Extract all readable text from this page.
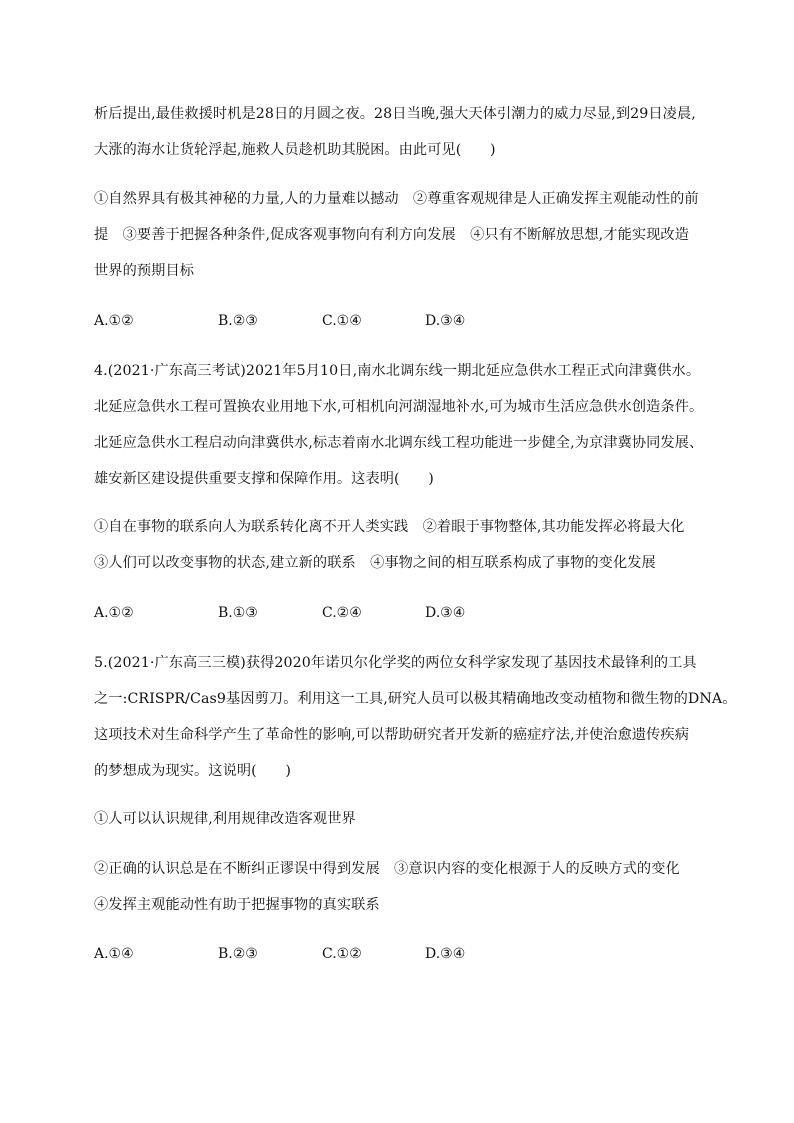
析后提出,最佳救援时机是28日的月圆之夜。28日当晚,强大天体引潮力的威力尽显,到29日凌晨,
大涨的海水让货轮浮起,施救人员趁机助其脱困。由此可见(　　)
①自然界具有极其神秘的力量,人的力量难以撼动　②尊重客观规律是人正确发挥主观能动性的前
提　③要善于把握各种条件,促成客观事物向有利方向发展　④只有不断解放思想,才能实现改造
世界的预期目标
A.①②	B.②③	C.①④	D.③④
4.(2021·广东高三考试)2021年5月10日,南水北调东线一期北延应急供水工程正式向津冀供水。
北延应急供水工程可置换农业用地下水,可相机向河湖湿地补水,可为城市生活应急供水创造条件。
北延应急供水工程启动向津冀供水,标志着南水北调东线工程功能进一步健全,为京津冀协同发展、
雄安新区建设提供重要支撑和保障作用。这表明(　　)
①自在事物的联系向人为联系转化离不开人类实践　②着眼于事物整体,其功能发挥必将最大化
③人们可以改变事物的状态,建立新的联系　④事物之间的相互联系构成了事物的变化发展
A.①②	B.①③	C.②④	D.③④
5.(2021·广东高三三模)获得2020年诺贝尔化学奖的两位女科学家发现了基因技术最锋利的工具
之一:CRISPR/Cas9基因剪刀。利用这一工具,研究人员可以极其精确地改变动植物和微生物的DNA。
这项技术对生命科学产生了革命性的影响,可以帮助研究者开发新的癌症疗法,并使治愈遗传疾病
的梦想成为现实。这说明(　　)
①人可以认识规律,利用规律改造客观世界
②正确的认识总是在不断纠正谬误中得到发展　③意识内容的变化根源于人的反映方式的变化
④发挥主观能动性有助于把握事物的真实联系
A.①④	B.②③	C.①②	D.③④
